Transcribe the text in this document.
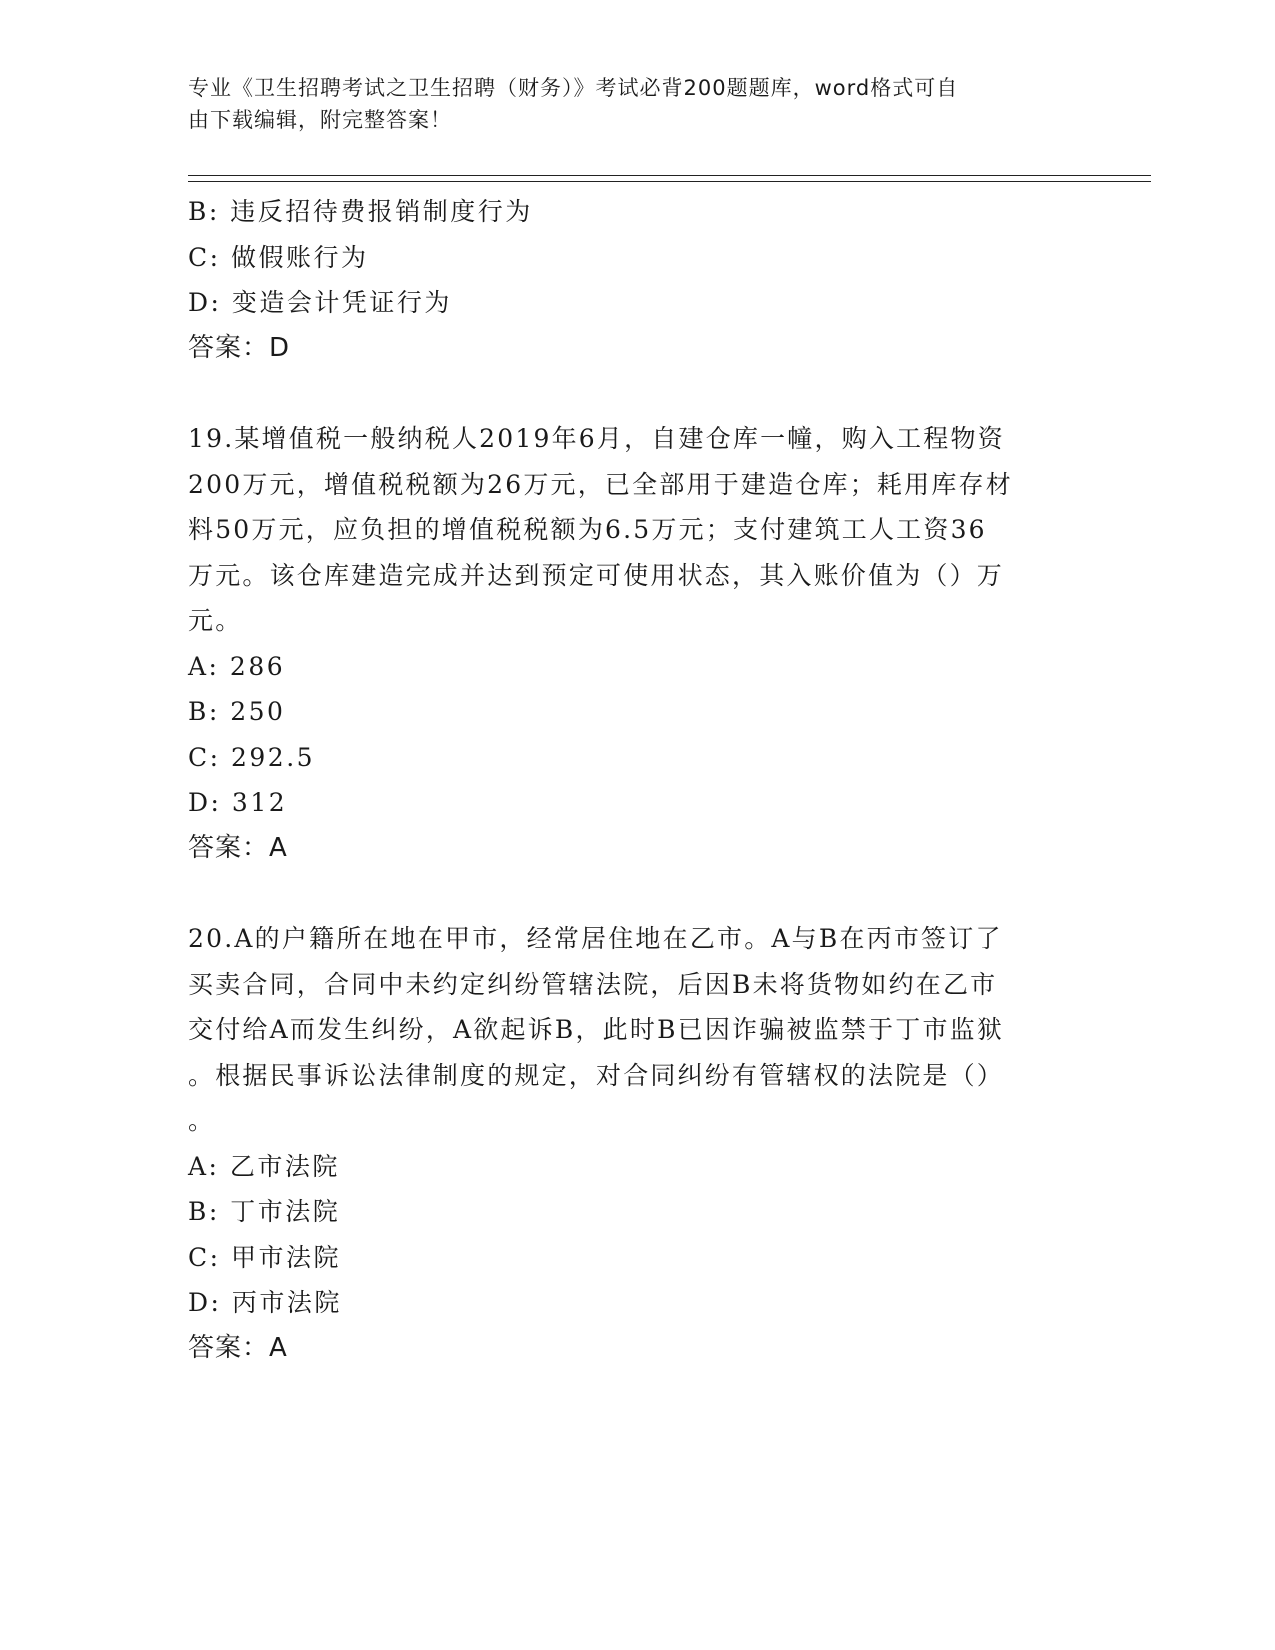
专业《卫生招聘考试之卫生招聘（财务）》考试必背200题题库，word格式可自
由下载编辑，附完整答案！
B: 违反招待费报销制度行为
C: 做假账行为
D: 变造会计凭证行为
答案：D
19.某增值税一般纳税人2019年6月，自建仓库一幢，购入工程物资
200万元，增值税税额为26万元，已全部用于建造仓库；耗用库存材
料50万元，应负担的增值税税额为6.5万元；支付建筑工人工资36
万元。该仓库建造完成并达到预定可使用状态，其入账价值为（）万
元。
A: 286
B: 250
C: 292.5
D: 312
答案：A
20.A的户籍所在地在甲市，经常居住地在乙市。A与B在丙市签订了
买卖合同，合同中未约定纠纷管辖法院，后因B未将货物如约在乙市
交付给A而发生纠纷，A欲起诉B，此时B已因诈骗被监禁于丁市监狱
。根据民事诉讼法律制度的规定，对合同纠纷有管辖权的法院是（）
。
A: 乙市法院
B: 丁市法院
C: 甲市法院
D: 丙市法院
答案：A
